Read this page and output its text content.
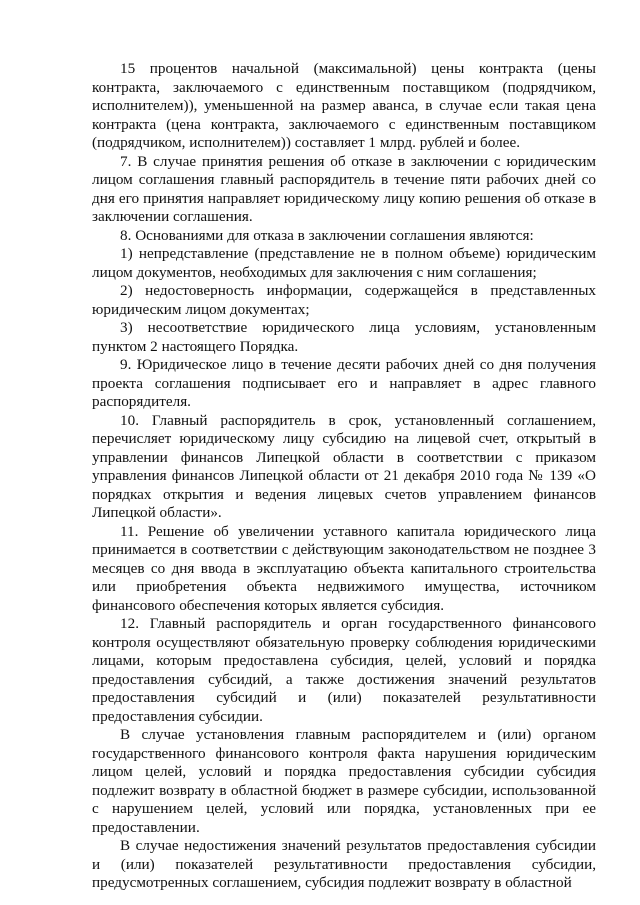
15 процентов начальной (максимальной) цены контракта (цены контракта, заключаемого с единственным поставщиком (подрядчиком, исполнителем)), уменьшенной на размер аванса, в случае если такая цена контракта (цена контракта, заключаемого с единственным поставщиком (подрядчиком, исполнителем)) составляет 1 млрд. рублей и более.

7. В случае принятия решения об отказе в заключении с юридическим лицом соглашения главный распорядитель в течение пяти рабочих дней со дня его принятия направляет юридическому лицу копию решения об отказе в заключении соглашения.

8. Основаниями для отказа в заключении соглашения являются:

1) непредставление (представление не в полном объеме) юридическим лицом документов, необходимых для заключения с ним соглашения;

2) недостоверность информации, содержащейся в представленных юридическим лицом документах;

3) несоответствие юридического лица условиям, установленным пунктом 2 настоящего Порядка.

9. Юридическое лицо в течение десяти рабочих дней со дня получения проекта соглашения подписывает его и направляет в адрес главного распорядителя.

10. Главный распорядитель в срок, установленный соглашением, перечисляет юридическому лицу субсидию на лицевой счет, открытый в управлении финансов Липецкой области в соответствии с приказом управления финансов Липецкой области от 21 декабря 2010 года № 139 «О порядках открытия и ведения лицевых счетов управлением финансов Липецкой области».

11. Решение об увеличении уставного капитала юридического лица принимается в соответствии с действующим законодательством не позднее 3 месяцев со дня ввода в эксплуатацию объекта капитального строительства или приобретения объекта недвижимого имущества, источником финансового обеспечения которых является субсидия.

12. Главный распорядитель и орган государственного финансового контроля осуществляют обязательную проверку соблюдения юридическими лицами, которым предоставлена субсидия, целей, условий и порядка предоставления субсидий, а также достижения значений результатов предоставления субсидий и (или) показателей результативности предоставления субсидии.

В случае установления главным распорядителем и (или) органом государственного финансового контроля факта нарушения юридическим лицом целей, условий и порядка предоставления субсидии субсидия подлежит возврату в областной бюджет в размере субсидии, использованной с нарушением целей, условий или порядка, установленных при ее предоставлении.

В случае недостижения значений результатов предоставления субсидии и (или) показателей результативности предоставления субсидии, предусмотренных соглашением, субсидия подлежит возврату в областной
